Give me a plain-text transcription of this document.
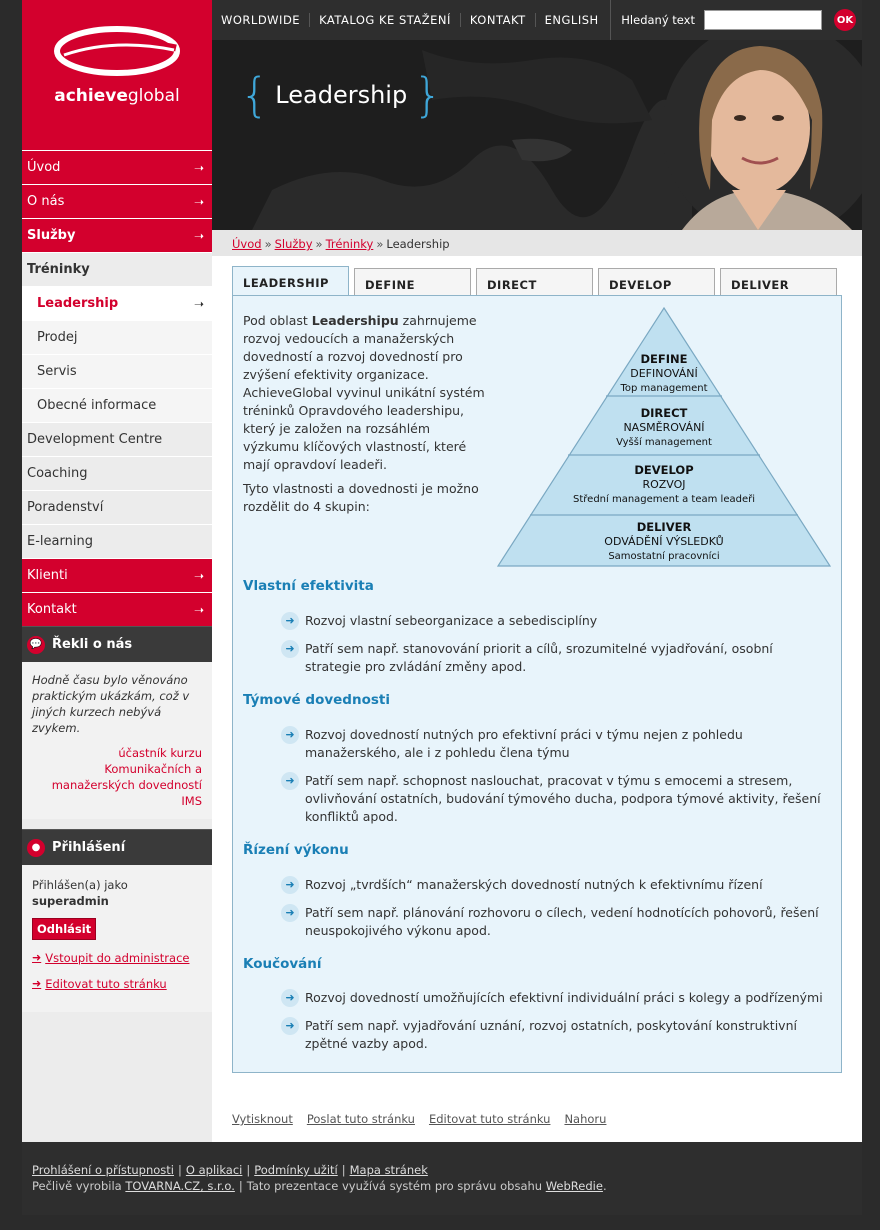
achieveglobal
Úvod	➝
O nás	➝
Služby	➝
Tréninky
Leadership	➝
Prodej
Servis
Obecné informace
Development Centre
Coaching
Poradenství
E-learning
Klienti	➝
Kontakt	➝
💬 Řekli o nás
Hodně času bylo věnováno praktickým ukázkám, což v jiných kurzech nebývá zvykem.
účastník kurzu Komunikačních a manažerských dovedností IMS
● Přihlášení
Přihlášen(a) jako
superadmin
Odhlásit
➜ Vstoupit do administrace
➜ Editovat tuto stránku
WORLDWIDE	KATALOG KE STAŽENÍ	KONTAKT	ENGLISH	Hledaný text	OK
{ Leadership }
Úvod » Služby » Tréninky » Leadership
LEADERSHIP	DEFINE	DIRECT	DEVELOP	DELIVER

Pod oblast Leadershipu zahrnujeme rozvoj vedoucích a manažerských dovedností a rozvoj dovedností pro zvýšení efektivity organizace. AchieveGlobal vyvinul unikátní systém tréninků Opravdového leadershipu, který je založen na rozsáhlém výzkumu klíčových vlastností, které mají opravdoví leadeři.

Tyto vlastnosti a dovednosti je možno rozdělit do 4 skupin:

DEFINE
DEFINOVÁNÍ
Top management
DIRECT
NASMĚROVÁNÍ
Vyšší management
DEVELOP
ROZVOJ
Střední management a team leadeři
DELIVER
ODVÁDĚNÍ VÝSLEDKŮ
Samostatní pracovníci
Vlastní efektivita
➜ Rozvoj vlastní sebeorganizace a sebedisciplíny
➜ Patří sem např. stanovování priorit a cílů, srozumitelné vyjadřování, osobní strategie pro zvládání změny apod.
Týmové dovednosti
➜ Rozvoj dovedností nutných pro efektivní práci v týmu nejen z pohledu manažerského, ale i z pohledu člena týmu
➜ Patří sem např. schopnost naslouchat, pracovat v týmu s emocemi a stresem, ovlivňování ostatních, budování týmového ducha, podpora týmové aktivity, řešení konfliktů apod.
Řízení výkonu
➜ Rozvoj „tvrdších“ manažerských dovedností nutných k efektivnímu řízení
➜ Patří sem např. plánování rozhovoru o cílech, vedení hodnotících pohovorů, řešení neuspokojivého výkonu apod.
Koučování
➜ Rozvoj dovedností umožňujících efektivní individuální práci s kolegy a podřízenými
➜ Patří sem např. vyjadřování uznání, rozvoj ostatních, poskytování konstruktivní zpětné vazby apod.
Vytisknout Poslat tuto stránku Editovat tuto stránku Nahoru
Prohlášení o přístupnosti | O aplikaci | Podmínky užití | Mapa stránek
Pečlivě vyrobila TOVARNA.CZ, s.r.o. | Tato prezentace využívá systém pro správu obsahu WebRedie.
